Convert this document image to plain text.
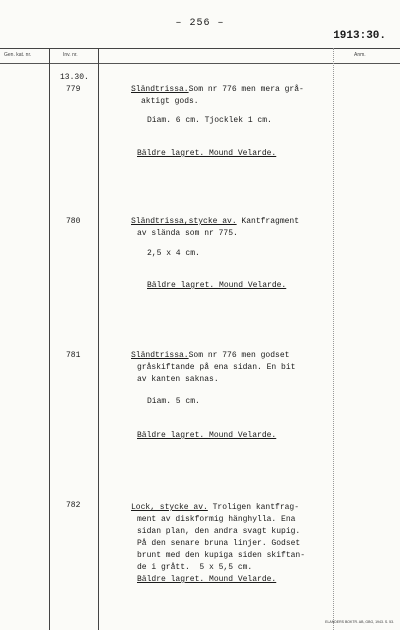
– 256 –
1913:30.
Gen. kat. nr.	Inv. nr.	Anm.
13.30.
779	Sländtrissa.Som nr 776 men mera grå-
aktigt gods.
Diam. 6 cm. Tjocklek 1 cm.
Bäldre lagret. Mound Velarde.
780	Sländtrissa,stycke av. Kantfragment
av slända som nr 775.
2,5 x 4 cm.
Bäldre lagret. Mound Velarde.
781	Sländtrissa.Som nr 776 men godset
gråskiftande på ena sidan. En bit
av kanten saknas.
Diam. 5 cm.
Bäldre lagret. Mound Velarde.
782	Lock, stycke av. Troligen kantfrag-
ment av diskformig hänghylla. Ena
sidan plan, den andra svagt kupig.
På den senare bruna linjer. Godset
brunt med den kupiga siden skiftan-
de i grått.  5 x 5,5 cm.
Bäldre lagret. Mound Velarde.
ELANDERS BOKTR. AB, GBG, 1943. S. 53.
